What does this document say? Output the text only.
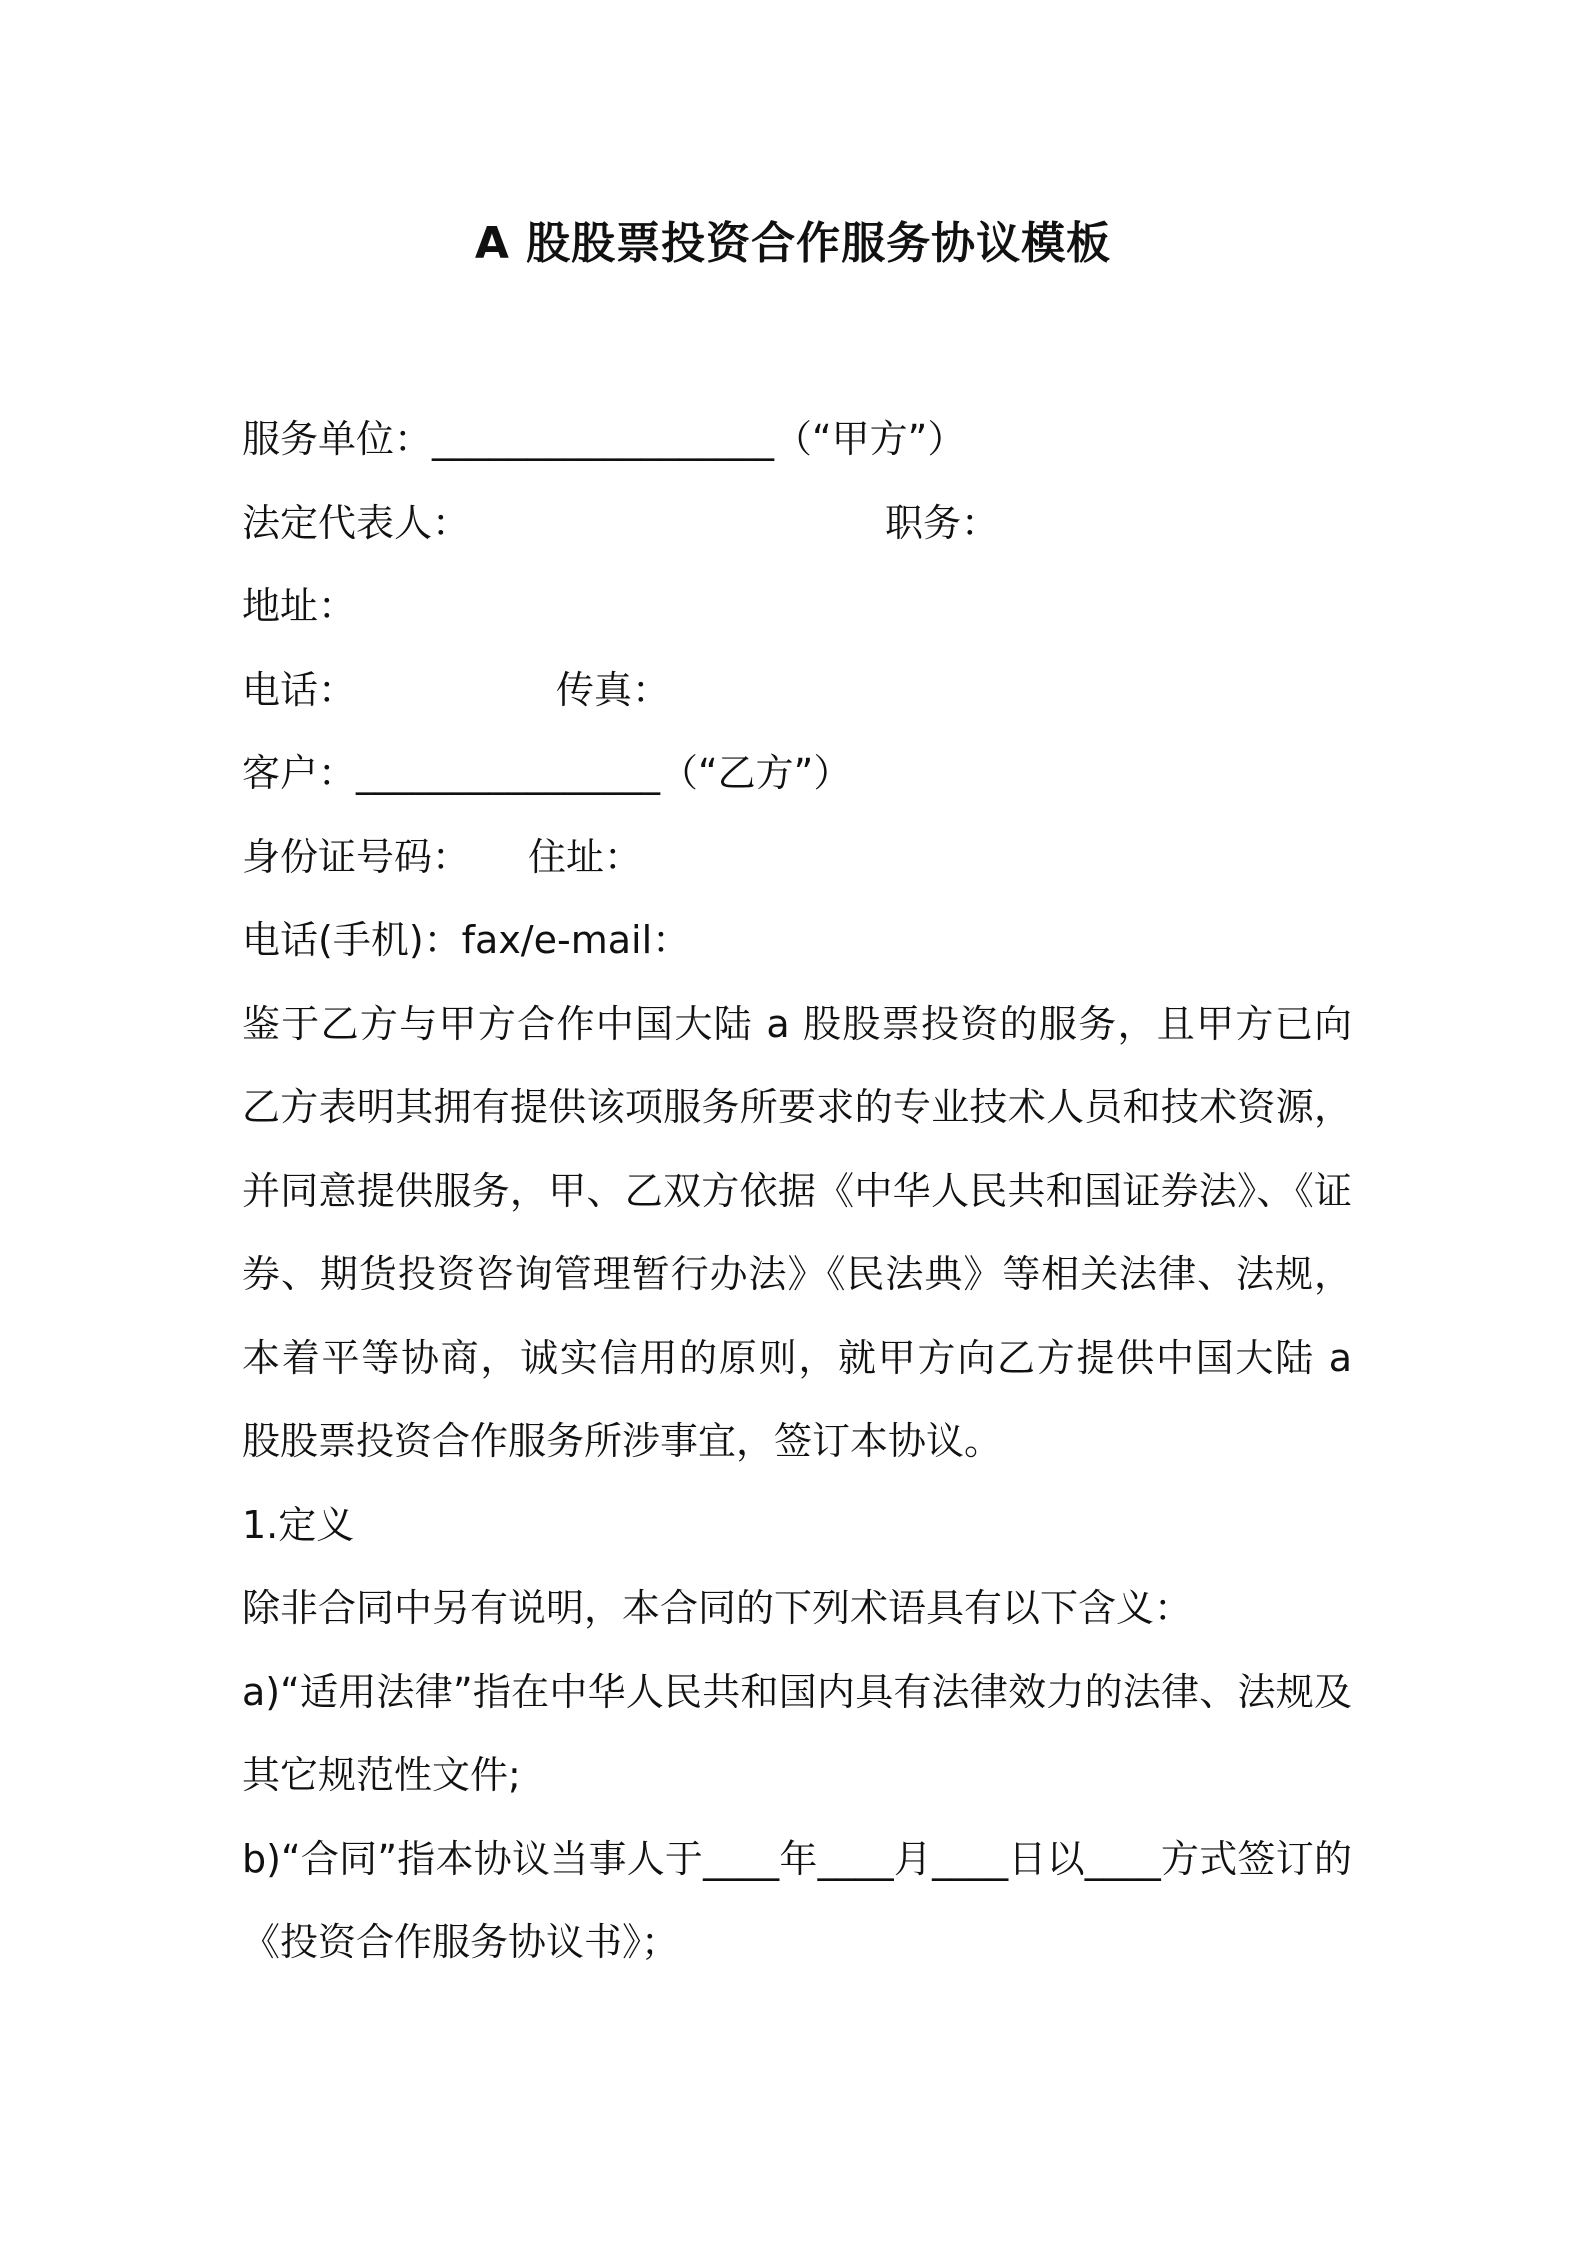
A 股股票投资合作服务协议模板
服务单位：__________________（“甲方”）
法定代表人：	职务：
地址：
电话：	传真：
客户：________________（“乙方”）
身份证号码： 住址：
电话(手机)：fax/e-mail：

鉴于乙方与甲方合作中国大陆 a 股股票投资的服务，且甲方已向乙方表明其拥有提供该项服务所要求的专业技术人员和技术资源，并同意提供服务，甲、乙双方依据《中华人民共和国证券法》、《证券、期货投资咨询管理暂行办法》《民法典》等相关法律、法规，本着平等协商，诚实信用的原则，就甲方向乙方提供中国大陆 a 股股票投资合作服务所涉事宜，签订本协议。

1.定义
除非合同中另有说明，本合同的下列术语具有以下含义：

a)“适用法律”指在中华人民共和国内具有法律效力的法律、法规及其它规范性文件;

b)“合同”指本协议当事人于____年____月____日以____方式签订的《投资合作服务协议书》；
